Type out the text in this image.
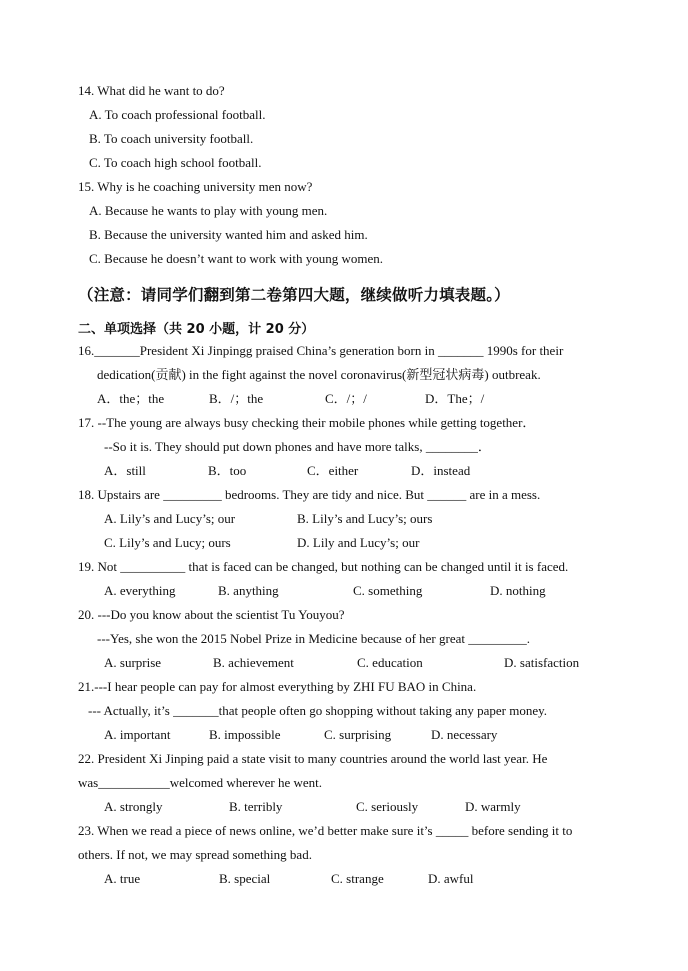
14. What did he want to do?
A. To coach professional football.
B. To coach university football.
C. To coach high school football.
15. Why is he coaching university men now?
A. Because he wants to play with young men.
B. Because the university wanted him and asked him.
C. Because he doesn’t want to work with young women.
（注意：请同学们翻到第二卷第四大题，继续做听力填表题。）
二、单项选择（共 20 小题，计 20 分）
16._______President Xi Jinpingg praised China’s generation born in _______ 1990s for their
dedication(贡献) in the fight against the novel coronavirus(新型冠状病毒) outbreak.
A．the；the	B．/；the	C．/；/	D．The；/
17. --The young are always busy checking their mobile phones while getting together．
--So it is. They should put down phones and have more talks, ________．
A．still	B．too	C．either	D．instead
18. Upstairs are _________ bedrooms. They are tidy and nice. But ______ are in a mess.
A. Lily’s and Lucy’s; our	B. Lily’s and Lucy’s; ours
C. Lily’s and Lucy; ours	D. Lily and Lucy’s; our
19. Not __________ that is faced can be changed, but nothing can be changed until it is faced.
A. everything	B. anything	C. something	D. nothing
20. ---Do you know about the scientist Tu Youyou?
---Yes, she won the 2015 Nobel Prize in Medicine because of her great _________.
A. surprise	B. achievement	C. education	D. satisfaction
21.---I hear people can pay for almost everything by ZHI FU BAO in China.
--- Actually, it’s _______that people often go shopping without taking any paper money.
A. important	B. impossible	C. surprising	D. necessary
22. President Xi Jinping paid a state visit to many countries around the world last year. He
was___________welcomed wherever he went.
A. strongly	B. terribly	C. seriously	D. warmly
23. When we read a piece of news online, we’d better make sure it’s _____ before sending it to
others. If not, we may spread something bad.
A. true	B. special	C. strange	D. awful
